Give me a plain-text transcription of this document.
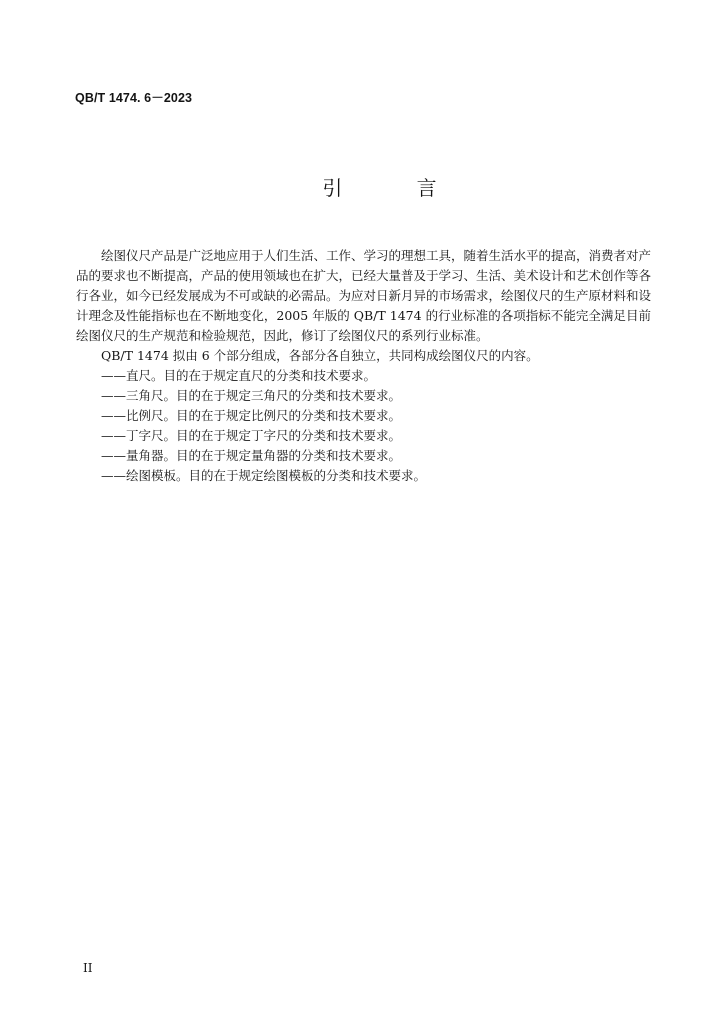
QB/T 1474. 6－2023
引 言

绘图仪尺产品是广泛地应用于人们生活、工作、学习的理想工具，随着生活水平的提高，消费者对产品的要求也不断提高，产品的使用领域也在扩大，已经大量普及于学习、生活、美术设计和艺术创作等各行各业，如今已经发展成为不可或缺的必需品。为应对日新月异的市场需求，绘图仪尺的生产原材料和设计理念及性能指标也在不断地变化，2005 年版的 QB/T 1474 的行业标准的各项指标不能完全满足目前绘图仪尺的生产规范和检验规范，因此，修订了绘图仪尺的系列行业标准。

QB/T 1474 拟由 6 个部分组成，各部分各自独立，共同构成绘图仪尺的内容。

——直尺。目的在于规定直尺的分类和技术要求。
——三角尺。目的在于规定三角尺的分类和技术要求。
——比例尺。目的在于规定比例尺的分类和技术要求。
——丁字尺。目的在于规定丁字尺的分类和技术要求。
——量角器。目的在于规定量角器的分类和技术要求。
——绘图模板。目的在于规定绘图模板的分类和技术要求。
II
